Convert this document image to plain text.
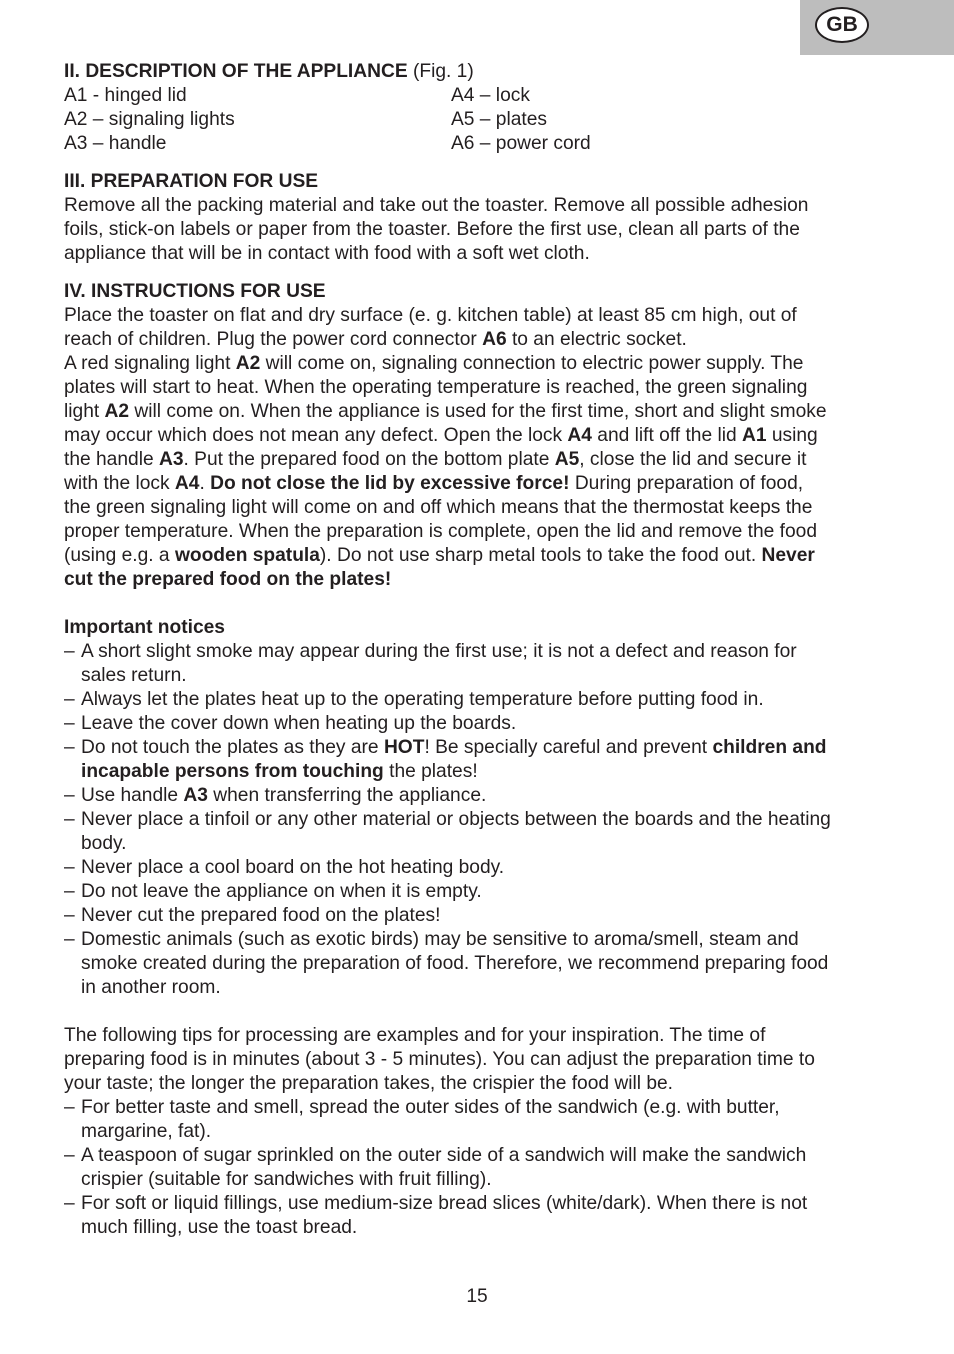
GB
II. DESCRIPTION OF THE APPLIANCE (Fig. 1)
A1 - hinged lid	A4 – lock
A2 – signaling lights	A5 – plates
A3 – handle	A6 – power cord
III. PREPARATION FOR USE
Remove all the packing material and take out the toaster. Remove all possible adhesion
foils, stick-on labels or paper from the toaster. Before the first use, clean all parts of the
appliance that will be in contact with food with a soft wet cloth.
IV. INSTRUCTIONS FOR USE
Place the toaster on flat and dry surface (e. g. kitchen table) at least 85 cm high, out of
reach of children. Plug the power cord connector A6 to an electric socket.
A red signaling light A2 will come on, signaling connection to electric power supply. The
plates will start to heat. When the operating temperature is reached, the green signaling
light A2 will come on. When the appliance is used for the first time, short and slight smoke
may occur which does not mean any defect. Open the lock A4 and lift off the lid A1 using
the handle A3. Put the prepared food on the bottom plate A5, close the lid and secure it
with the lock A4. Do not close the lid by excessive force! During preparation of food,
the green signaling light will come on and off which means that the thermostat keeps the
proper temperature. When the preparation is complete, open the lid and remove the food
(using e.g. a wooden spatula). Do not use sharp metal tools to take the food out. Never
cut the prepared food on the plates!
Important notices
– A short slight smoke may appear during the first use; it is not a defect and reason for
sales return.
– Always let the plates heat up to the operating temperature before putting food in.
– Leave the cover down when heating up the boards.
– Do not touch the plates as they are HOT! Be specially careful and prevent children and
incapable persons from touching the plates!
– Use handle A3 when transferring the appliance.
– Never place a tinfoil or any other material or objects between the boards and the heating
body.
– Never place a cool board on the hot heating body.
– Do not leave the appliance on when it is empty.
– Never cut the prepared food on the plates!
– Domestic animals (such as exotic birds) may be sensitive to aroma/smell, steam and
smoke created during the preparation of food. Therefore, we recommend preparing food
in another room.
The following tips for processing are examples and for your inspiration. The time of
preparing food is in minutes (about 3 - 5 minutes). You can adjust the preparation time to
your taste; the longer the preparation takes, the crispier the food will be.
– For better taste and smell, spread the outer sides of the sandwich (e.g. with butter,
margarine, fat).
– A teaspoon of sugar sprinkled on the outer side of a sandwich will make the sandwich
crispier (suitable for sandwiches with fruit filling).
– For soft or liquid fillings, use medium-size bread slices (white/dark). When there is not
much filling, use the toast bread.
15
